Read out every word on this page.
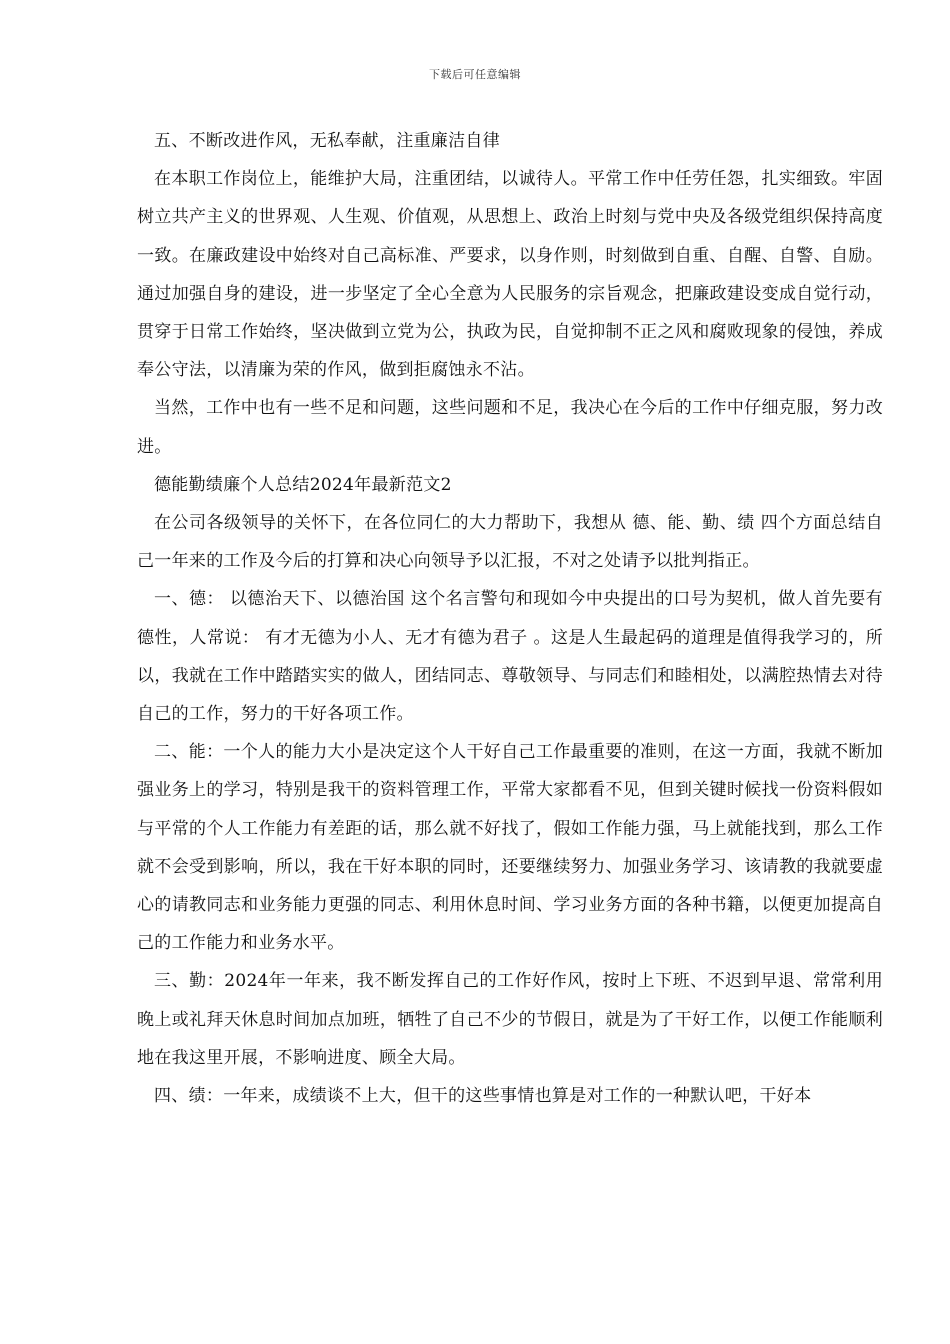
下载后可任意编辑

五、不断改进作风，无私奉献，注重廉洁自律

在本职工作岗位上，能维护大局，注重团结，以诚待人。平常工作中任劳任怨，扎实细致。牢固树立共产主义的世界观、人生观、价值观，从思想上、政治上时刻与党中央及各级党组织保持高度一致。在廉政建设中始终对自己高标准、严要求，以身作则，时刻做到自重、自醒、自警、自励。通过加强自身的建设，进一步坚定了全心全意为人民服务的宗旨观念，把廉政建设变成自觉行动，贯穿于日常工作始终，坚决做到立党为公，执政为民，自觉抑制不正之风和腐败现象的侵蚀，养成奉公守法，以清廉为荣的作风，做到拒腐蚀永不沾。

当然，工作中也有一些不足和问题，这些问题和不足，我决心在今后的工作中仔细克服，努力改进。

德能勤绩廉个人总结2024年最新范文2

在公司各级领导的关怀下，在各位同仁的大力帮助下，我想从 德、能、勤、绩 四个方面总结自己一年来的工作及今后的打算和决心向领导予以汇报，不对之处请予以批判指正。

一、德： 以德治天下、以德治国 这个名言警句和现如今中央提出的口号为契机，做人首先要有德性，人常说： 有才无德为小人、无才有德为君子 。这是人生最起码的道理是值得我学习的，所以，我就在工作中踏踏实实的做人，团结同志、尊敬领导、与同志们和睦相处，以满腔热情去对待自己的工作，努力的干好各项工作。

二、能：一个人的能力大小是决定这个人干好自己工作最重要的准则，在这一方面，我就不断加强业务上的学习，特别是我干的资料管理工作，平常大家都看不见，但到关键时候找一份资料假如与平常的个人工作能力有差距的话，那么就不好找了，假如工作能力强，马上就能找到，那么工作就不会受到影响，所以，我在干好本职的同时，还要继续努力、加强业务学习、该请教的我就要虚心的请教同志和业务能力更强的同志、利用休息时间、学习业务方面的各种书籍，以便更加提高自己的工作能力和业务水平。

三、勤：2024年一年来，我不断发挥自己的工作好作风，按时上下班、不迟到早退、常常利用晚上或礼拜天休息时间加点加班，牺牲了自己不少的节假日，就是为了干好工作，以便工作能顺利地在我这里开展，不影响进度、顾全大局。

四、绩：一年来，成绩谈不上大，但干的这些事情也算是对工作的一种默认吧，干好本
